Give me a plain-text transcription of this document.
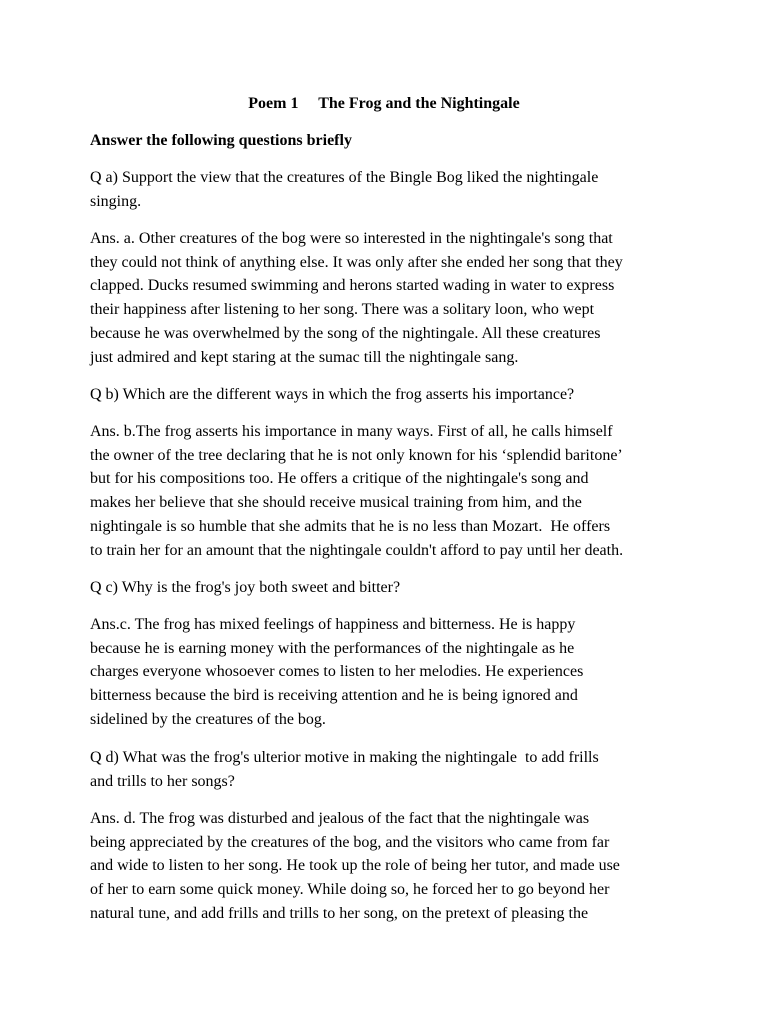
Poem 1     The Frog and the Nightingale
Answer the following questions briefly
Q a) Support the view that the creatures of the Bingle Bog liked the nightingale
singing.
Ans. a. Other creatures of the bog were so interested in the nightingale's song that
they could not think of anything else. It was only after she ended her song that they
clapped. Ducks resumed swimming and herons started wading in water to express
their happiness after listening to her song. There was a solitary loon, who wept
because he was overwhelmed by the song of the nightingale. All these creatures
just admired and kept staring at the sumac till the nightingale sang.
Q b) Which are the different ways in which the frog asserts his importance?
Ans. b.The frog asserts his importance in many ways. First of all, he calls himself
the owner of the tree declaring that he is not only known for his ‘splendid baritone’
but for his compositions too. He offers a critique of the nightingale's song and
makes her believe that she should receive musical training from him, and the
nightingale is so humble that she admits that he is no less than Mozart.  He offers
to train her for an amount that the nightingale couldn't afford to pay until her death.
Q c) Why is the frog's joy both sweet and bitter?
Ans.c. The frog has mixed feelings of happiness and bitterness. He is happy
because he is earning money with the performances of the nightingale as he
charges everyone whosoever comes to listen to her melodies. He experiences
bitterness because the bird is receiving attention and he is being ignored and
sidelined by the creatures of the bog.
Q d) What was the frog's ulterior motive in making the nightingale  to add frills
and trills to her songs?
Ans. d. The frog was disturbed and jealous of the fact that the nightingale was
being appreciated by the creatures of the bog, and the visitors who came from far
and wide to listen to her song. He took up the role of being her tutor, and made use
of her to earn some quick money. While doing so, he forced her to go beyond her
natural tune, and add frills and trills to her song, on the pretext of pleasing the
